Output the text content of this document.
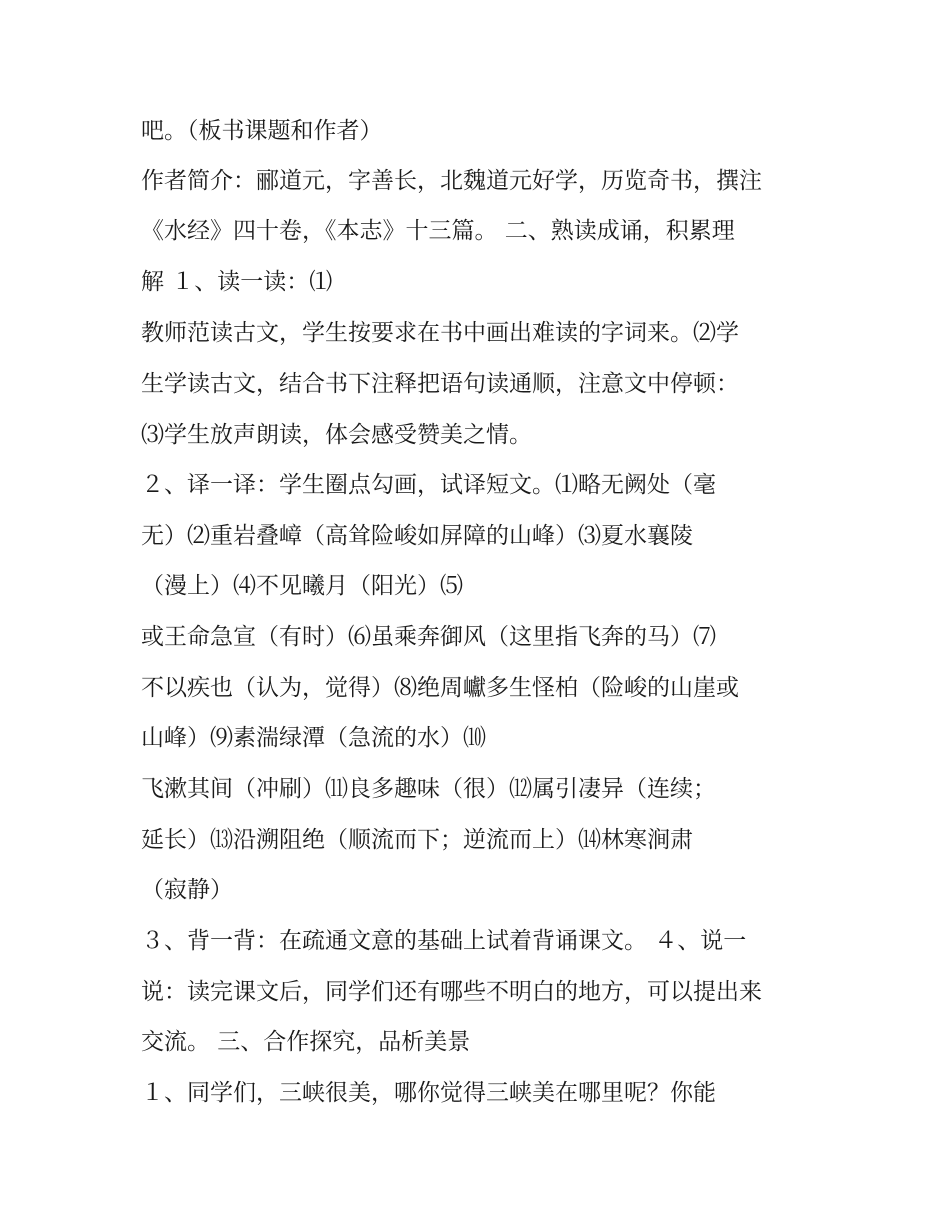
吧。（板书课题和作者）

作者简介：郦道元，字善长，北魏道元好学，历览奇书，撰注

《水经》四十卷，《本志》十三篇。 二、熟读成诵，积累理

解 １、读一读：⑴

教师范读古文，学生按要求在书中画出难读的字词来。⑵学

生学读古文，结合书下注释把语句读通顺，注意文中停顿：

⑶学生放声朗读，体会感受赞美之情。

２、译一译：学生圈点勾画，试译短文。⑴略无阙处（毫

无）⑵重岩叠嶂（高耸险峻如屏障的山峰）⑶夏水襄陵

（漫上）⑷不见曦月（阳光）⑸

或王命急宣（有时）⑹虽乘奔御风（这里指飞奔的马）⑺

不以疾也（认为，觉得）⑻绝周巘多生怪柏（险峻的山崖或

山峰）⑼素湍绿潭（急流的水）⑽

飞漱其间（冲刷）⑾良多趣味（很）⑿属引凄异（连续；

延长）⒀沿溯阻绝（顺流而下；逆流而上）⒁林寒涧肃

（寂静）

３、背一背：在疏通文意的基础上试着背诵课文。 ４、说一

说：读完课文后，同学们还有哪些不明白的地方，可以提出来

交流。 三、合作探究，品析美景

１、同学们，三峡很美，哪你觉得三峡美在哪里呢？你能
